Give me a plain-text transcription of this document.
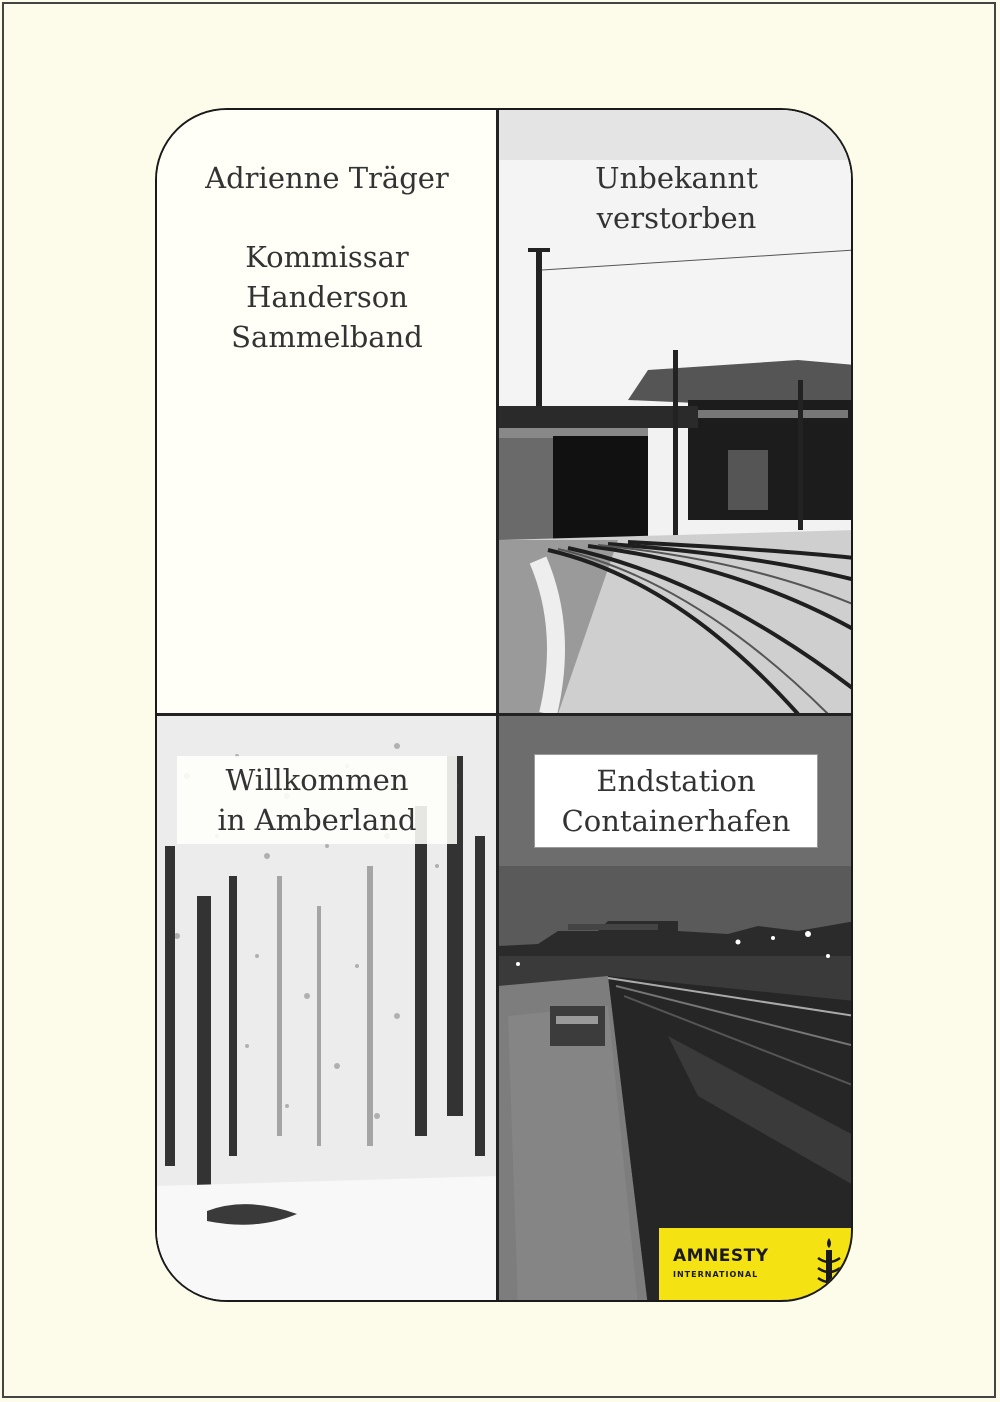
Adrienne Träger
Kommissar
Handerson
Sammelband
Unbekannt
verstorben
Willkommen
in Amberland
Endstation
Containerhafen
AMNESTY
INTERNATIONAL
